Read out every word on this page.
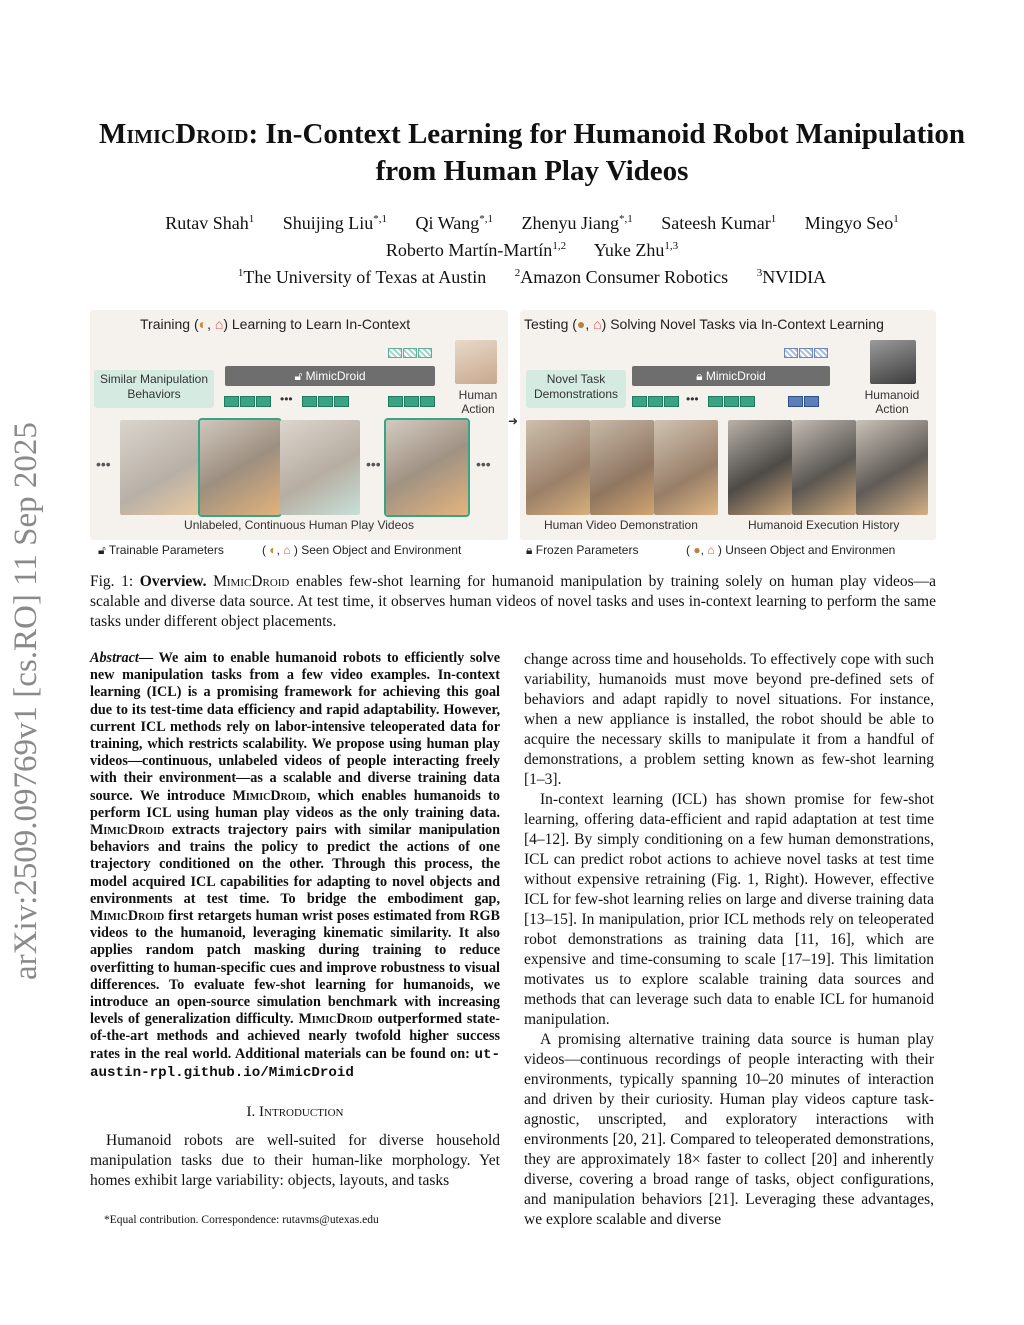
arXiv:2509.09769v1 [cs.RO] 11 Sep 2025
MimicDroid: In-Context Learning for Humanoid Robot Manipulation
from Human Play Videos
Rutav Shah$^1$ Shuijing Liu$^{*,1}$ Qi Wang$^{*,1}$ Zhenyu Jiang$^{*,1}$ Sateesh Kumar$^1$ Mingyo Seo$^1$
Roberto Martín-Martín$^{1,2}$ Yuke Zhu$^{1,3}$
$^1$The University of Texas at Austin	$^2$Amazon Consumer Robotics	$^3$NVIDIA
Training (◐, ⌂) Learning to Learn In-Context
Similar Manipulation Behaviors
🔓︎ MimicDroid
•••	Human Action
•••	•••	•••
Unlabeled, Continuous Human Play Videos
➜
Testing (●, ⌂) Solving Novel Tasks via In-Context Learning
Novel Task Demonstrations
🔒︎ MimicDroid
•••	Humanoid Action
Human Video Demonstration	Humanoid Execution History
🔓︎ Trainable Parameters	( ◐, ⌂ ) Seen Object and Environment	🔒︎ Frozen Parameters	( ●, ⌂ ) Unseen Object and Environmen
Fig. 1: Overview. MimicDroid enables few-shot learning for humanoid manipulation by training solely on human play videos—a scalable and diverse data source. At test time, it observes human videos of novel tasks and uses in-context learning to perform the same tasks under different object placements.
Abstract— We aim to enable humanoid robots to efficiently solve new manipulation tasks from a few video examples. In-context learning (ICL) is a promising framework for achieving this goal due to its test-time data efficiency and rapid adaptability. However, current ICL methods rely on labor-intensive teleoperated data for training, which restricts scalability. We propose using human play videos—continuous, unlabeled videos of people interacting freely with their environment—as a scalable and diverse training data source. We introduce MimicDroid, which enables humanoids to perform ICL using human play videos as the only training data. MimicDroid extracts trajectory pairs with similar manipulation behaviors and trains the policy to predict the actions of one trajectory conditioned on the other. Through this process, the model acquired ICL capabilities for adapting to novel objects and environments at test time. To bridge the embodiment gap, MimicDroid first retargets human wrist poses estimated from RGB videos to the humanoid, leveraging kinematic similarity. It also applies random patch masking during training to reduce overfitting to human-specific cues and improve robustness to visual differences. To evaluate few-shot learning for humanoids, we introduce an open-source simulation benchmark with increasing levels of generalization difficulty. MimicDroid outperformed state-of-the-art methods and achieved nearly twofold higher success rates in the real world. Additional materials can be found on: ut-austin-rpl.github.io/MimicDroid
I. Introduction
Humanoid robots are well-suited for diverse household manipulation tasks due to their human-like morphology. Yet homes exhibit large variability: objects, layouts, and tasks
*Equal contribution. Correspondence: rutavms@utexas.edu

change across time and households. To effectively cope with such variability, humanoids must move beyond pre-defined sets of behaviors and adapt rapidly to novel situations. For instance, when a new appliance is installed, the robot should be able to acquire the necessary skills to manipulate it from a handful of demonstrations, a problem setting known as few-shot learning [1–3].

In-context learning (ICL) has shown promise for few-shot learning, offering data-efficient and rapid adaptation at test time [4–12]. By simply conditioning on a few human demonstrations, ICL can predict robot actions to achieve novel tasks at test time without expensive retraining (Fig. 1, Right). However, effective ICL for few-shot learning relies on large and diverse training data [13–15]. In manipulation, prior ICL methods rely on teleoperated robot demonstrations as training data [11, 16], which are expensive and time-consuming to scale [17–19]. This limitation motivates us to explore scalable training data sources and methods that can leverage such data to enable ICL for humanoid manipulation.

A promising alternative training data source is human play videos—continuous recordings of people interacting with their environments, typically spanning 10–20 minutes of interaction and driven by their curiosity. Human play videos capture task-agnostic, unscripted, and exploratory interactions with environments [20, 21]. Compared to teleoperated demonstrations, they are approximately 18× faster to collect [20] and inherently diverse, covering a broad range of tasks, object configurations, and manipulation behaviors [21]. Leveraging these advantages, we explore scalable and diverse
